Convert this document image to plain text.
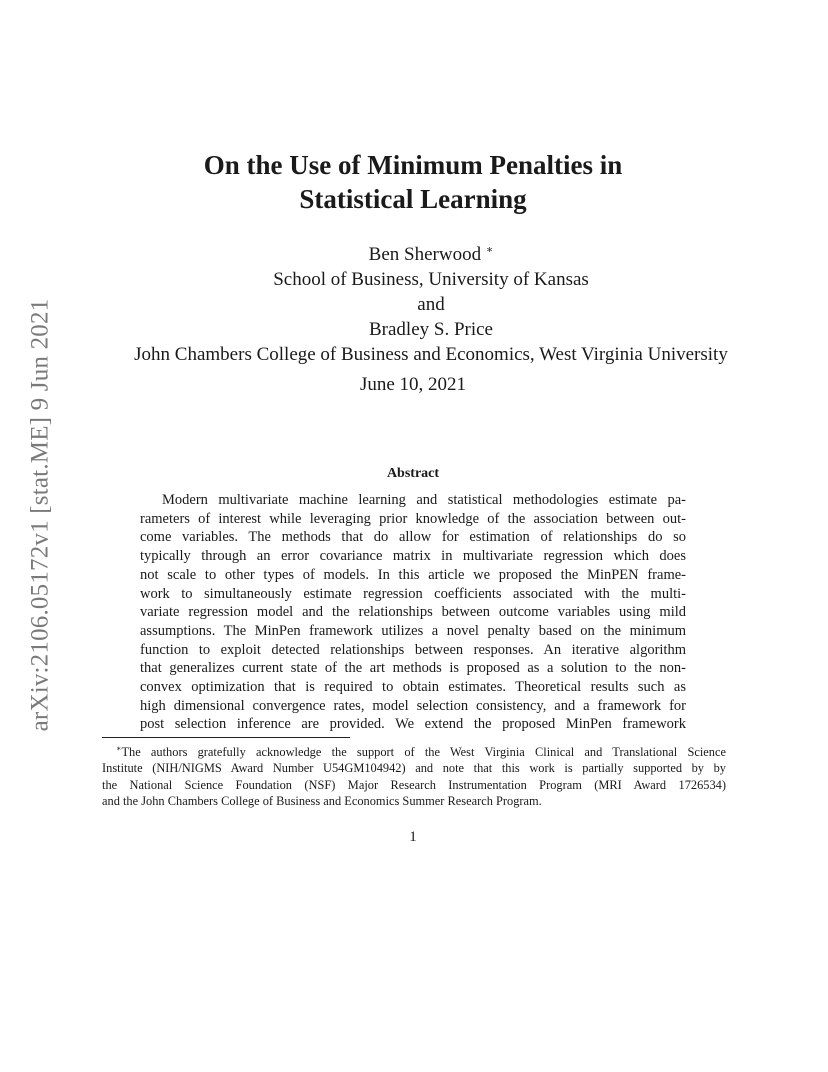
arXiv:2106.05172v1 [stat.ME] 9 Jun 2021
On the Use of Minimum Penalties in
Statistical Learning
Ben Sherwood ∗
School of Business, University of Kansas
and
Bradley S. Price
John Chambers College of Business and Economics, West Virginia University
June 10, 2021
Abstract
Modern multivariate machine learning and statistical methodologies estimate pa-
rameters of interest while leveraging prior knowledge of the association between out-
come variables. The methods that do allow for estimation of relationships do so
typically through an error covariance matrix in multivariate regression which does
not scale to other types of models. In this article we proposed the MinPEN frame-
work to simultaneously estimate regression coefficients associated with the multi-
variate regression model and the relationships between outcome variables using mild
assumptions. The MinPen framework utilizes a novel penalty based on the minimum
function to exploit detected relationships between responses. An iterative algorithm
that generalizes current state of the art methods is proposed as a solution to the non-
convex optimization that is required to obtain estimates. Theoretical results such as
high dimensional convergence rates, model selection consistency, and a framework for
post selection inference are provided. We extend the proposed MinPen framework
∗The authors gratefully acknowledge the support of the West Virginia Clinical and Translational Science
Institute (NIH/NIGMS Award Number U54GM104942) and note that this work is partially supported by by
the National Science Foundation (NSF) Major Research Instrumentation Program (MRI Award 1726534)
and the John Chambers College of Business and Economics Summer Research Program.
1
